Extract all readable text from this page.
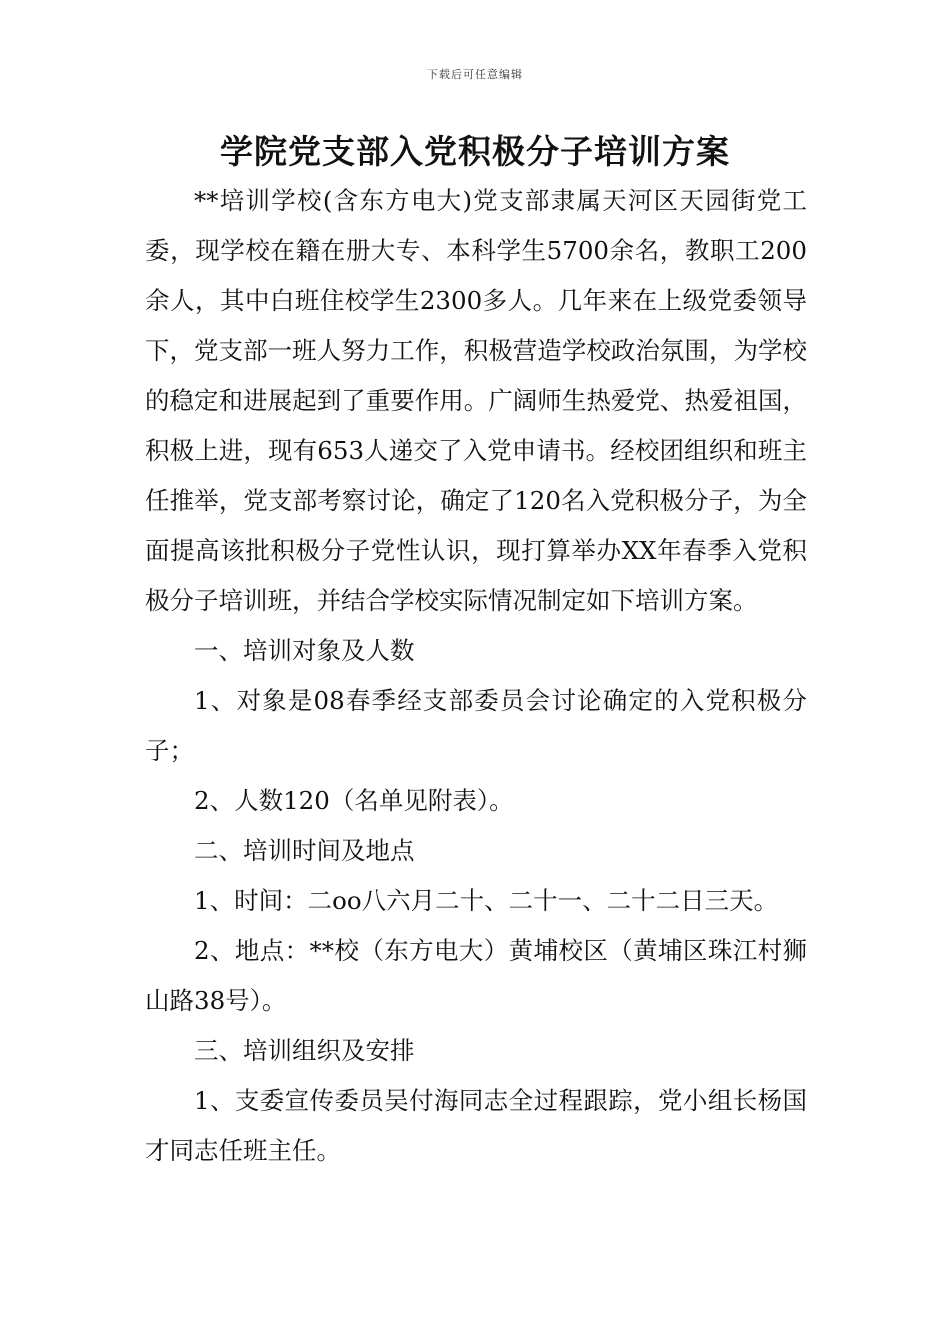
下载后可任意编辑
学院党支部入党积极分子培训方案

**培训学校(含东方电大)党支部隶属天河区天园街党工委，现学校在籍在册大专、本科学生5700余名，教职工200余人，其中白班住校学生2300多人。几年来在上级党委领导下，党支部一班人努力工作，积极营造学校政治氛围，为学校的稳定和进展起到了重要作用。广阔师生热爱党、热爱祖国，积极上进，现有653人递交了入党申请书。经校团组织和班主任推举，党支部考察讨论，确定了120名入党积极分子，为全面提高该批积极分子党性认识，现打算举办XX年春季入党积极分子培训班，并结合学校实际情况制定如下培训方案。

一、培训对象及人数

1、对象是08春季经支部委员会讨论确定的入党积极分子；

2、人数120（名单见附表）。

二、培训时间及地点

1、时间：二oo八六月二十、二十一、二十二日三天。

2、地点：**校（东方电大）黄埔校区（黄埔区珠江村狮山路38号）。

三、培训组织及安排

1、支委宣传委员吴付海同志全过程跟踪，党小组长杨国才同志任班主任。
